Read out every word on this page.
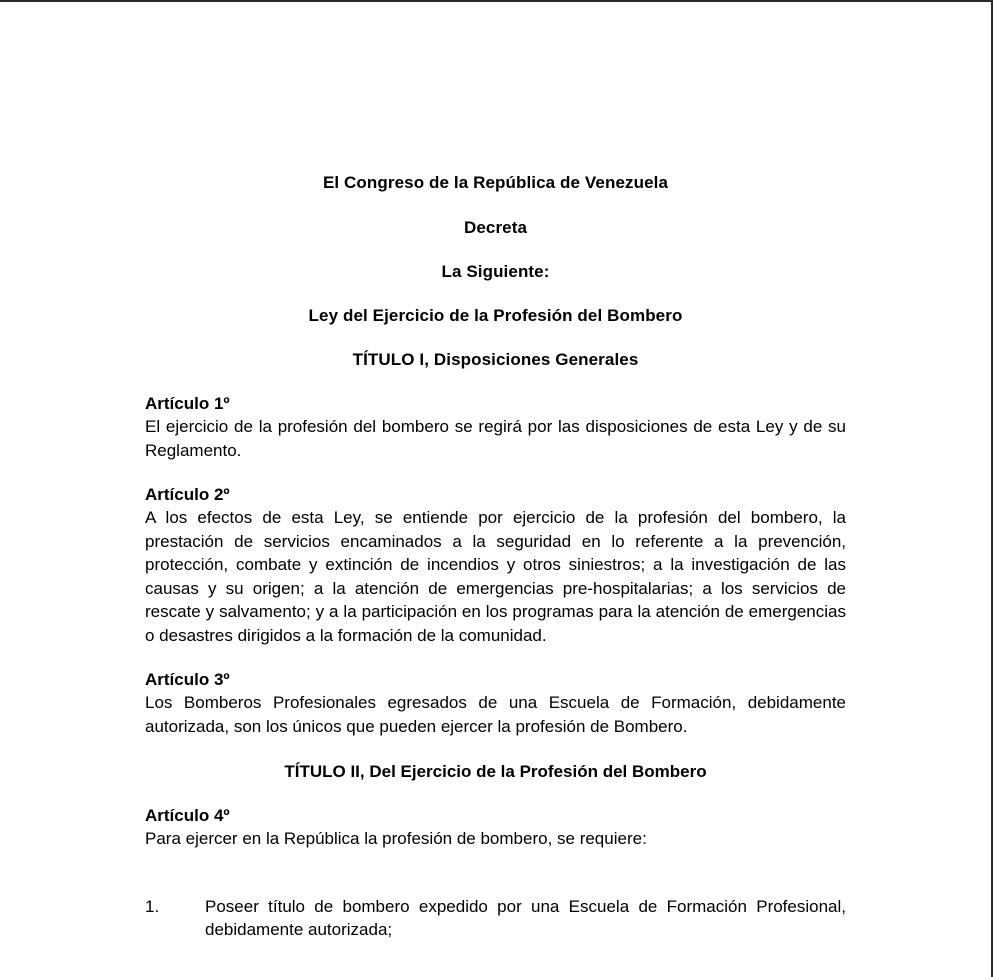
El Congreso de la República de Venezuela

Decreta

La Siguiente:

Ley del Ejercicio de la Profesión del Bombero

TÍTULO I, Disposiciones Generales

Artículo 1º

El ejercicio de la profesión del bombero se regirá por las disposiciones de esta Ley y de su Reglamento.

Artículo 2º

A los efectos de esta Ley, se entiende por ejercicio de la profesión del bombero, la prestación de servicios encaminados a la seguridad en lo referente a la prevención, protección, combate y extinción de incendios y otros siniestros; a la investigación de las causas y su origen; a la atención de emergencias pre-hospitalarias; a los servicios de rescate y salvamento; y a la participación en los programas para la atención de emergencias o desastres dirigidos a la formación de la comunidad.

Artículo 3º

Los Bomberos Profesionales egresados de una Escuela de Formación, debidamente autorizada, son los únicos que pueden ejercer la profesión de Bombero.

TÍTULO II, Del Ejercicio de la Profesión del Bombero

Artículo 4º

Para ejercer en la República la profesión de bombero, se requiere:

1.	Poseer título de bombero expedido por una Escuela de Formación Profesional, debidamente autorizada;
